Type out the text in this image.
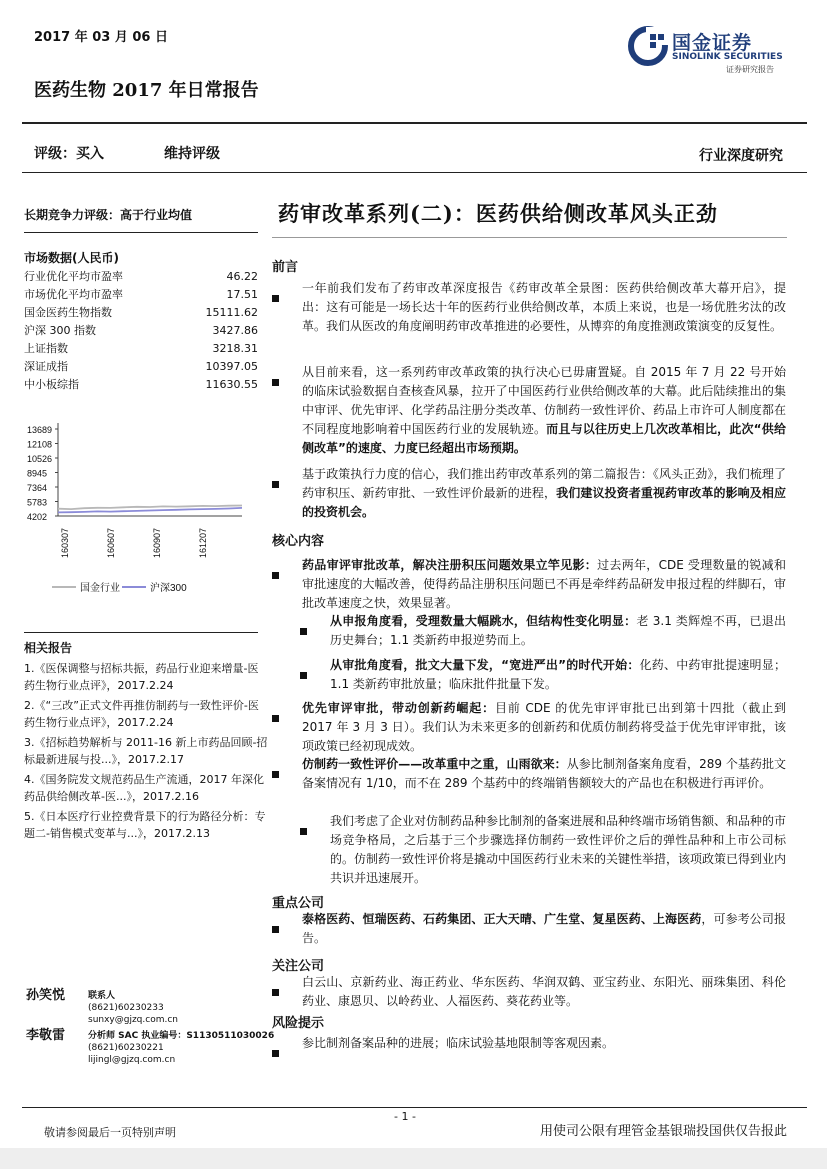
2017 年 03 月 06 日	国金证券
SINOLINK SECURITIES
证券研究报告
医药生物 2017 年日常报告
评级：买入	维持评级	行业深度研究
长期竞争力评级：高于行业均值
市场数据(人民币)
行业优化平均市盈率	46.22
市场优化平均市盈率	17.51
国金医药生物指数	15111.62
沪深 300 指数	3427.86
上证指数	3218.31
深证成指	10397.05
中小板综指	11630.55
13689
12108
10526
8945
7364
5783
4202
160307	160607	160907	161207
国金行业	沪深300
相关报告

1.《医保调整与招标共振，药品行业迎来增量-医药生物行业点评》，2017.2.24

2.《“三改”正式文件再推仿制药与一致性评价-医药生物行业点评》，2017.2.24

3.《招标趋势解析与 2011-16 新上市药品回顾-招标最新进展与投...》，2017.2.17

4.《国务院发文规范药品生产流通，2017 年深化药品供给侧改革-医...》，2017.2.16

5.《日本医疗行业控费背景下的行为路径分析：专题二-销售模式变革与...》，2017.2.13

孙笑悦	联系人
(8621)60230233
sunxy@gjzq.com.cn
李敬雷	分析师 SAC 执业编号：S1130511030026
(8621)60230221
lijingl@gjzq.com.cn
药审改革系列(二)：医药供给侧改革风头正劲
前言
一年前我们发布了药审改革深度报告《药审改革全景图：医药供给侧改革大幕开启》，提出：这有可能是一场长达十年的医药行业供给侧改革，本质上来说，也是一场优胜劣汰的改革。我们从医改的角度阐明药审改革推进的必要性，从博弈的角度推测政策演变的反复性。
从目前来看，这一系列药审改革政策的执行决心已毋庸置疑。自 2015 年 7 月 22 号开始的临床试验数据自查核查风暴，拉开了中国医药行业供给侧改革的大幕。此后陆续推出的集中审评、优先审评、化学药品注册分类改革、仿制药一致性评价、药品上市许可人制度都在不同程度地影响着中国医药行业的发展轨迹。而且与以往历史上几次改革相比，此次“供给侧改革”的速度、力度已经超出市场预期。
基于政策执行力度的信心，我们推出药审改革系列的第二篇报告：《风头正劲》，我们梳理了药审积压、新药审批、一致性评价最新的进程，我们建议投资者重视药审改革的影响及相应的投资机会。
核心内容
药品审评审批改革，解决注册积压问题效果立竿见影：过去两年，CDE 受理数量的锐减和审批速度的大幅改善，使得药品注册积压问题已不再是牵绊药品研发申报过程的绊脚石，审批改革速度之快，效果显著。
从申报角度看，受理数量大幅跳水，但结构性变化明显：老 3.1 类辉煌不再，已退出历史舞台；1.1 类新药申报逆势而上。
从审批角度看，批文大量下发，“宽进严出”的时代开始：化药、中药审批提速明显；1.1 类新药审批放量；临床批件批量下发。
优先审评审批，带动创新药崛起：目前 CDE 的优先审评审批已出到第十四批（截止到 2017 年 3 月 3 日）。我们认为未来更多的创新药和优质仿制药将受益于优先审评审批，该项政策已经初现成效。
仿制药一致性评价——改革重中之重，山雨欲来：从参比制剂备案角度看，289 个基药批文备案情况有 1/10，而不在 289 个基药中的终端销售额较大的产品也在积极进行再评价。
我们考虑了企业对仿制药品种参比制剂的备案进展和品种终端市场销售额、和品种的市场竞争格局，之后基于三个步骤选择仿制药一致性评价之后的弹性品种和上市公司标的。仿制药一致性评价将是撬动中国医药行业未来的关键性举措，该项政策已得到业内共识并迅速展开。
重点公司
泰格医药、恒瑞医药、石药集团、正大天晴、广生堂、复星医药、上海医药，可参考公司报告。
关注公司
白云山、京新药业、海正药业、华东医药、华润双鹤、亚宝药业、东阳光、丽珠集团、科伦药业、康恩贝、以岭药业、人福医药、葵花药业等。
风险提示
参比制剂备案品种的进展；临床试验基地限制等客观因素。
- 1 -
敬请参阅最后一页特别声明	用使司公限有理管金基银瑞投国供仅告报此
